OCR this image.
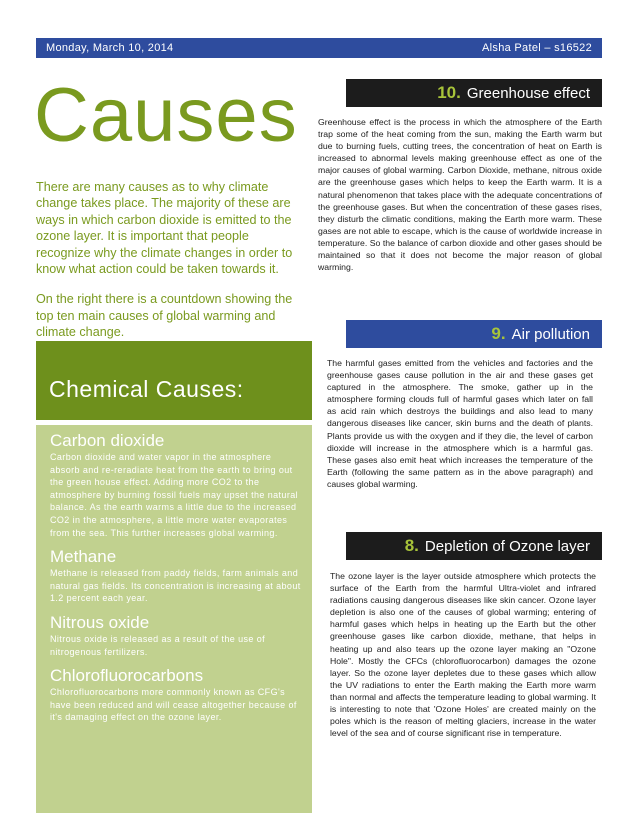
Monday, March 10, 2014	Alsha Patel – s16522
Causes

There are many causes as to why climate change takes place. The majority of these are ways in which carbon dioxide is emitted to the ozone layer. It is important that people recognize why the climate changes in order to know what action could be taken towards it.

On the right there is a countdown showing the top ten main causes of global warming and climate change.

Chemical Causes:
Carbon dioxide

Carbon dioxide and water vapor in the atmosphere absorb and re-reradiate heat from the earth to bring out the green house effect. Adding more CO2 to the atmosphere by burning fossil fuels may upset the natural balance. As the earth warms a little due to the increased CO2 in the atmosphere, a little more water evaporates from the sea. This further increases global warming.

Methane

Methane is released from paddy fields, farm animals and natural gas fields. Its concentration is increasing at about 1.2 percent each year.

Nitrous oxide

Nitrous oxide is released as a result of the use of nitrogenous fertilizers.

Chlorofluorocarbons

Chlorofluorocarbons more commonly known as CFG's have been reduced and will cease altogether because of it's damaging effect on the ozone layer.

10. Greenhouse effect

Greenhouse effect is the process in which the atmosphere of the Earth trap some of the heat coming from the sun, making the Earth warm but due to burning fuels, cutting trees, the concentration of heat on Earth is increased to abnormal levels making greenhouse effect as one of the major causes of global warming. Carbon Dioxide, methane, nitrous oxide are the greenhouse gases which helps to keep the Earth warm. It is a natural phenomenon that takes place with the adequate concentrations of the greenhouse gases. But when the concentration of these gases rises, they disturb the climatic conditions, making the Earth more warm. These gases are not able to escape, which is the cause of worldwide increase in temperature. So the balance of carbon dioxide and other gases should be maintained so that it does not become the major reason of global warming.

9. Air pollution

The harmful gases emitted from the vehicles and factories and the greenhouse gases cause pollution in the air and these gases get captured in the atmosphere. The smoke, gather up in the atmosphere forming clouds full of harmful gases which later on fall as acid rain which destroys the buildings and also lead to many dangerous diseases like cancer, skin burns and the death of plants. Plants provide us with the oxygen and if they die, the level of carbon dioxide will increase in the atmosphere which is a harmful gas. These gases also emit heat which increases the temperature of the Earth (following the same pattern as in the above paragraph) and causes global warming.

8. Depletion of Ozone layer

The ozone layer is the layer outside atmosphere which protects the surface of the Earth from the harmful Ultra-violet and infrared radiations causing dangerous diseases like skin cancer. Ozone layer depletion is also one of the causes of global warming; entering of harmful gases which helps in heating up the Earth but the other greenhouse gases like carbon dioxide, methane, that helps in heating up and also tears up the ozone layer making an "Ozone Hole". Mostly the CFCs (chlorofluorocarbon) damages the ozone layer. So the ozone layer depletes due to these gases which allow the UV radiations to enter the Earth making the Earth more warm than normal and affects the temperature leading to global warming. It is interesting to note that 'Ozone Holes' are created mainly on the poles which is the reason of melting glaciers, increase in the water level of the sea and of course significant rise in temperature.
